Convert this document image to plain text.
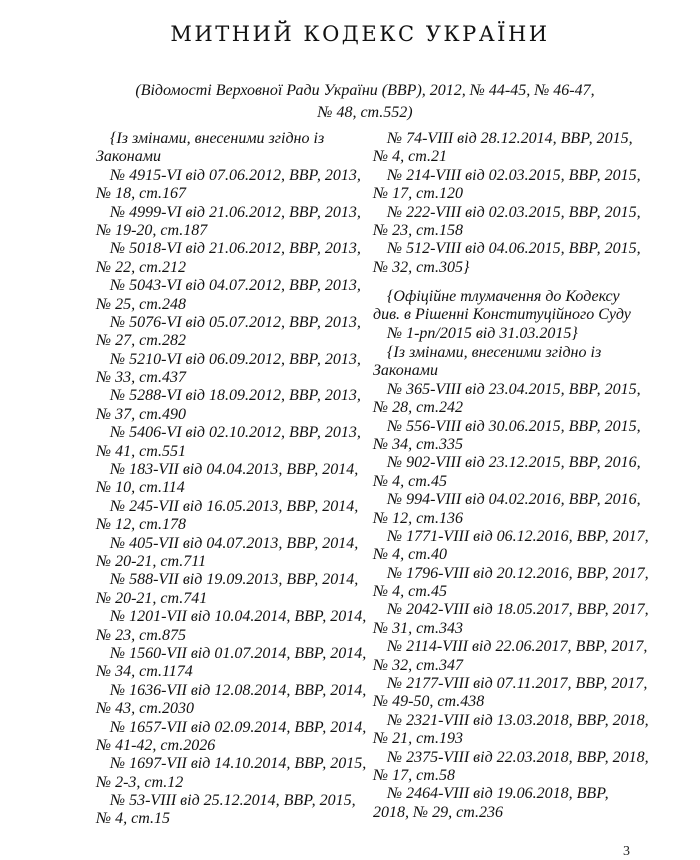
МИТНИЙ КОДЕКС УКРАЇНИ
(Відомості Верховної Ради України (ВВР), 2012, № 44-45, № 46-47,
№ 48, ст.552)
{Із змінами, внесеними згідно із
Законами
№ 4915-VI від 07.06.2012, ВВР, 2013,
№ 18, ст.167
№ 4999-VI від 21.06.2012, ВВР, 2013,
№ 19-20, ст.187
№ 5018-VI від 21.06.2012, ВВР, 2013,
№ 22, ст.212
№ 5043-VI від 04.07.2012, ВВР, 2013,
№ 25, ст.248
№ 5076-VI від 05.07.2012, ВВР, 2013,
№ 27, ст.282
№ 5210-VI від 06.09.2012, ВВР, 2013,
№ 33, ст.437
№ 5288-VI від 18.09.2012, ВВР, 2013,
№ 37, ст.490
№ 5406-VI від 02.10.2012, ВВР, 2013,
№ 41, ст.551
№ 183-VII від 04.04.2013, ВВР, 2014,
№ 10, ст.114
№ 245-VII від 16.05.2013, ВВР, 2014,
№ 12, ст.178
№ 405-VII від 04.07.2013, ВВР, 2014,
№ 20-21, ст.711
№ 588-VII від 19.09.2013, ВВР, 2014,
№ 20-21, ст.741
№ 1201-VII від 10.04.2014, ВВР, 2014,
№ 23, ст.875
№ 1560-VII від 01.07.2014, ВВР, 2014,
№ 34, ст.1174
№ 1636-VII від 12.08.2014, ВВР, 2014,
№ 43, ст.2030
№ 1657-VII від 02.09.2014, ВВР, 2014,
№ 41-42, ст.2026
№ 1697-VII від 14.10.2014, ВВР, 2015,
№ 2-3, ст.12
№ 53-VIII від 25.12.2014, ВВР, 2015,
№ 4, ст.15
№ 74-VIII від 28.12.2014, ВВР, 2015,
№ 4, ст.21
№ 214-VIII від 02.03.2015, ВВР, 2015,
№ 17, ст.120
№ 222-VIII від 02.03.2015, ВВР, 2015,
№ 23, ст.158
№ 512-VIII від 04.06.2015, ВВР, 2015,
№ 32, ст.305}
{Офіційне тлумачення до Кодексу
див. в Рішенні Конституційного Суду
№ 1-рп/2015 від 31.03.2015}
{Із змінами, внесеними згідно із
Законами
№ 365-VIII від 23.04.2015, ВВР, 2015,
№ 28, ст.242
№ 556-VIII від 30.06.2015, ВВР, 2015,
№ 34, ст.335
№ 902-VIII від 23.12.2015, ВВР, 2016,
№ 4, ст.45
№ 994-VIII від 04.02.2016, ВВР, 2016,
№ 12, ст.136
№ 1771-VIII від 06.12.2016, ВВР, 2017,
№ 4, ст.40
№ 1796-VIII від 20.12.2016, ВВР, 2017,
№ 4, ст.45
№ 2042-VIII від 18.05.2017, ВВР, 2017,
№ 31, ст.343
№ 2114-VIII від 22.06.2017, ВВР, 2017,
№ 32, ст.347
№ 2177-VIII від 07.11.2017, ВВР, 2017,
№ 49-50, ст.438
№ 2321-VIII від 13.03.2018, ВВР, 2018,
№ 21, ст.193
№ 2375-VIII від 22.03.2018, ВВР, 2018,
№ 17, ст.58
№ 2464-VIII від 19.06.2018, ВВР,
2018, № 29, ст.236
3
